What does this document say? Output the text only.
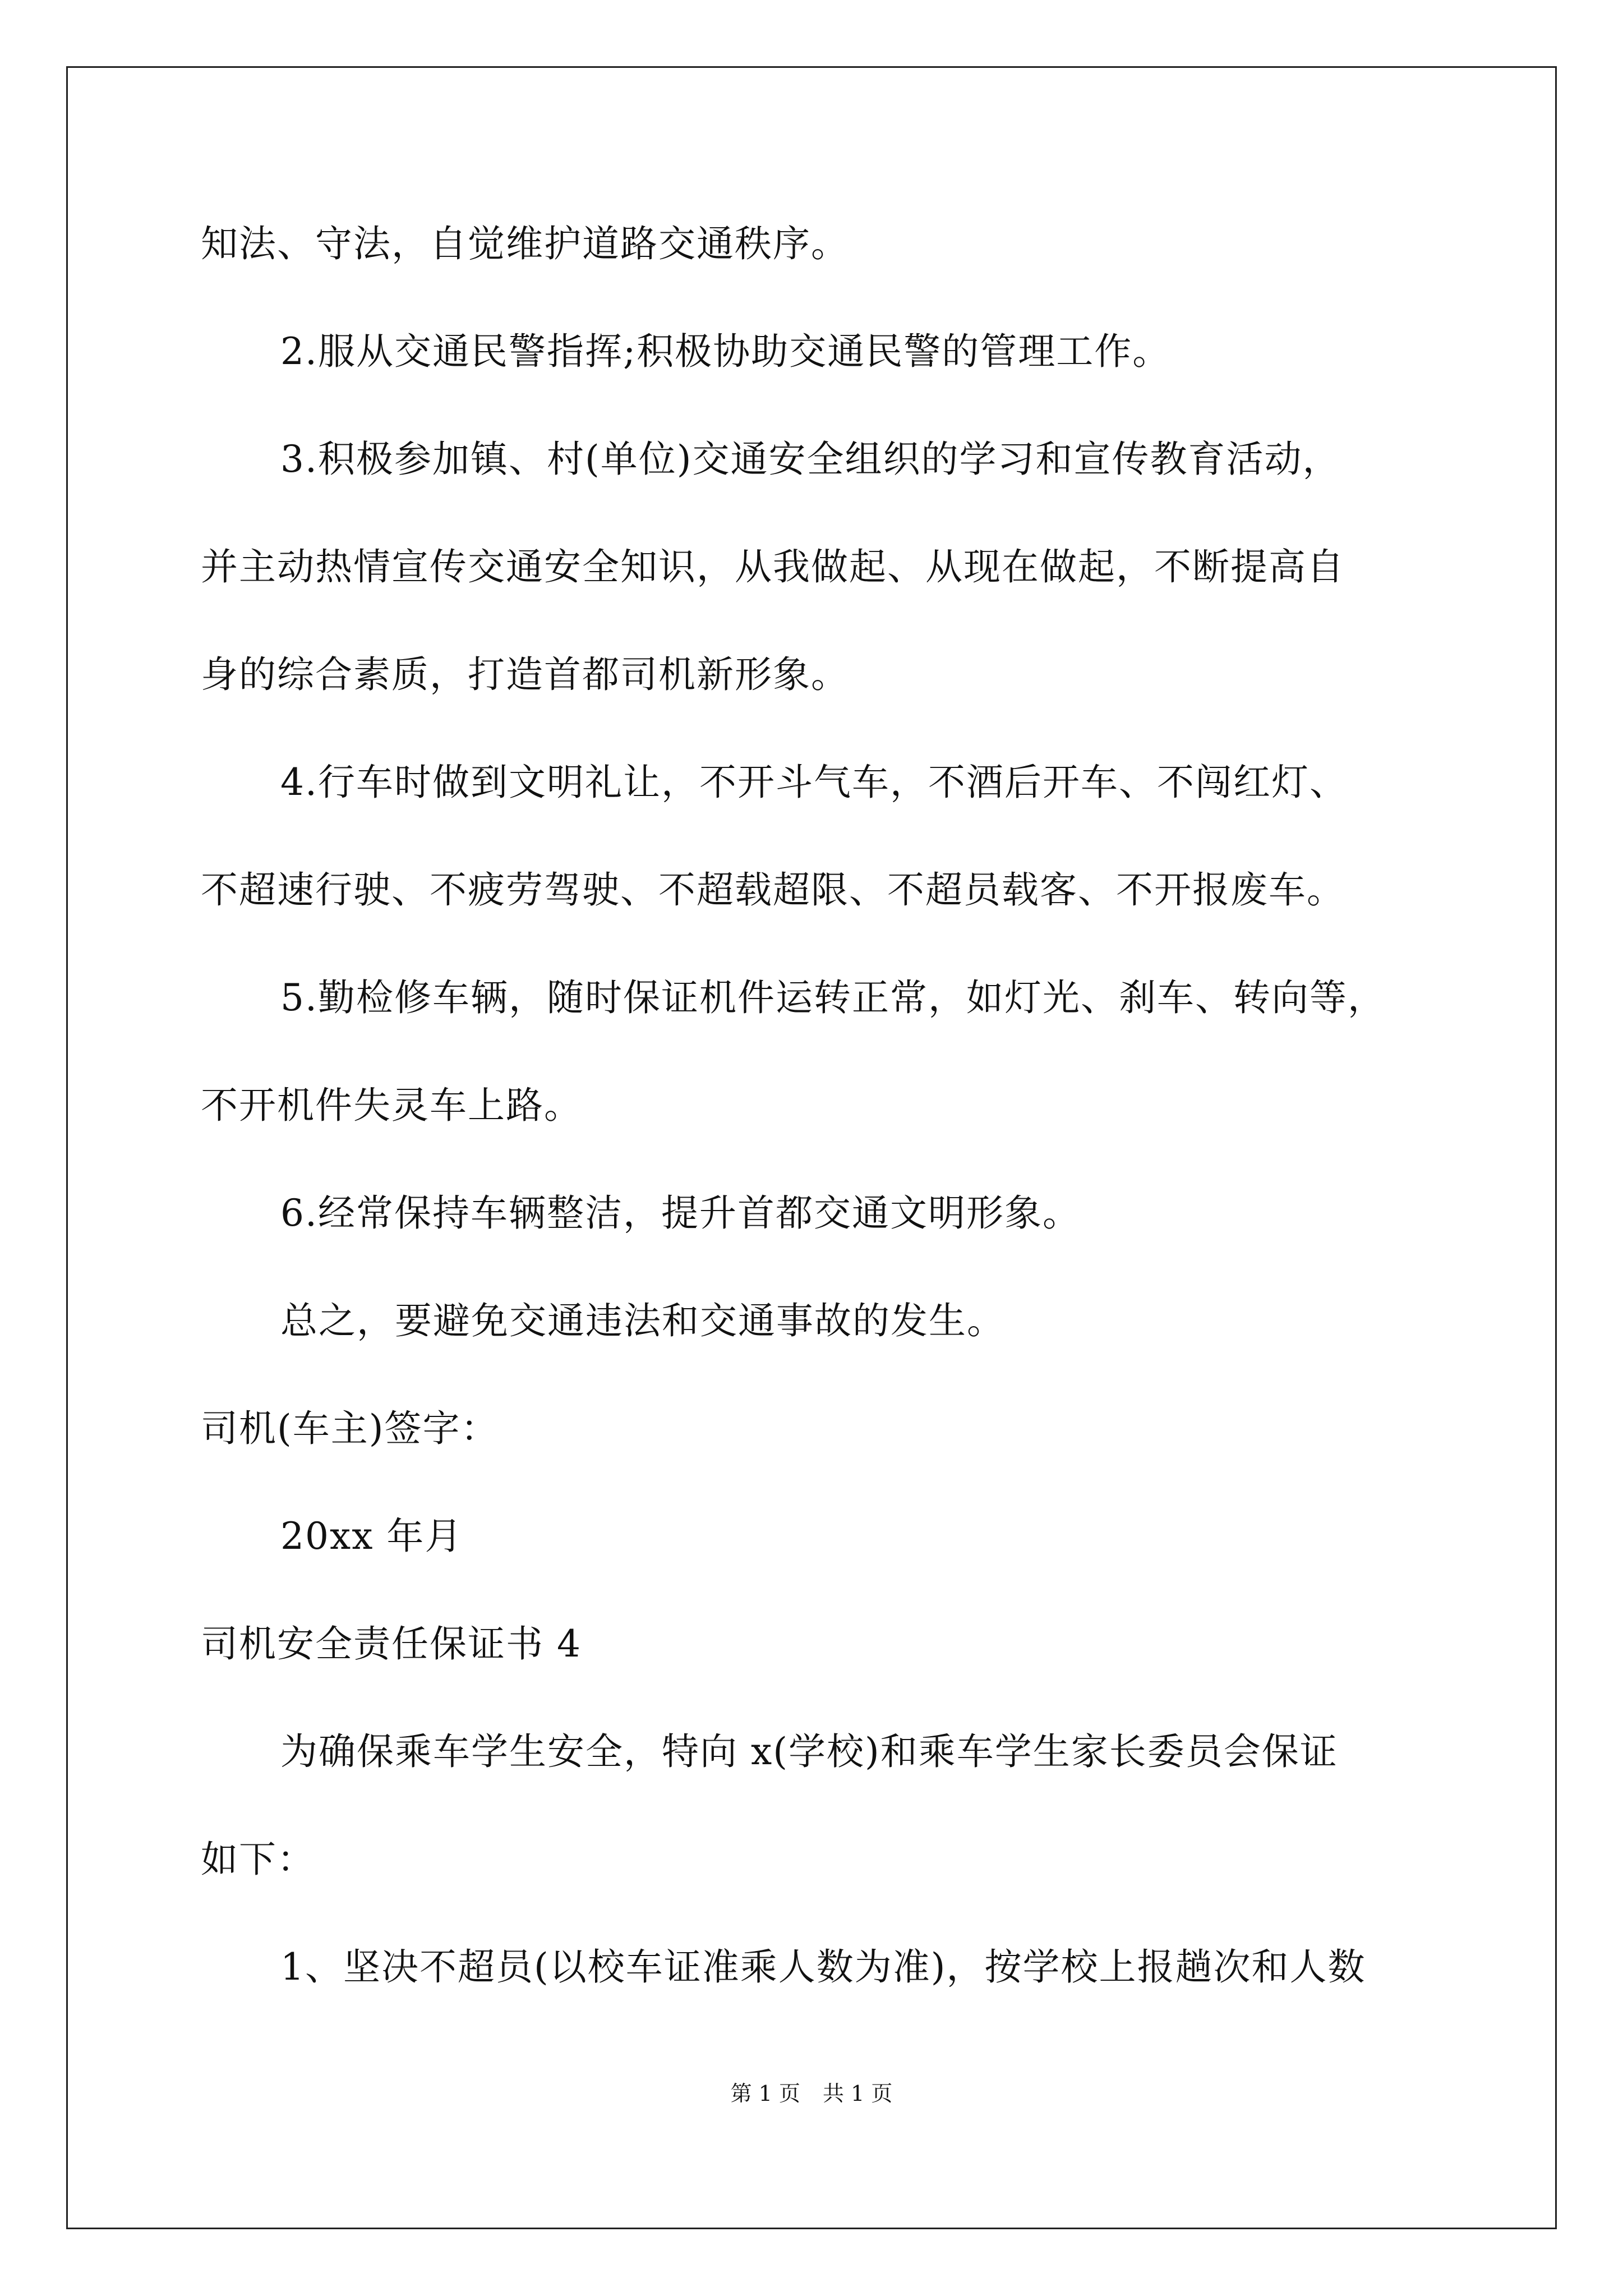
知法、守法，自觉维护道路交通秩序。
2.服从交通民警指挥;积极协助交通民警的管理工作。
3.积极参加镇、村(单位)交通安全组织的学习和宣传教育活动，
并主动热情宣传交通安全知识，从我做起、从现在做起，不断提高自
身的综合素质，打造首都司机新形象。
4.行车时做到文明礼让，不开斗气车，不酒后开车、不闯红灯、
不超速行驶、不疲劳驾驶、不超载超限、不超员载客、不开报废车。
5.勤检修车辆，随时保证机件运转正常，如灯光、刹车、转向等，
不开机件失灵车上路。
6.经常保持车辆整洁，提升首都交通文明形象。
总之，要避免交通违法和交通事故的发生。
司机(车主)签字：
20xx 年月
司机安全责任保证书 4
为确保乘车学生安全，特向 x(学校)和乘车学生家长委员会保证
如下：
1、坚决不超员(以校车证准乘人数为准)，按学校上报趟次和人数
第 1 页 共 1 页
